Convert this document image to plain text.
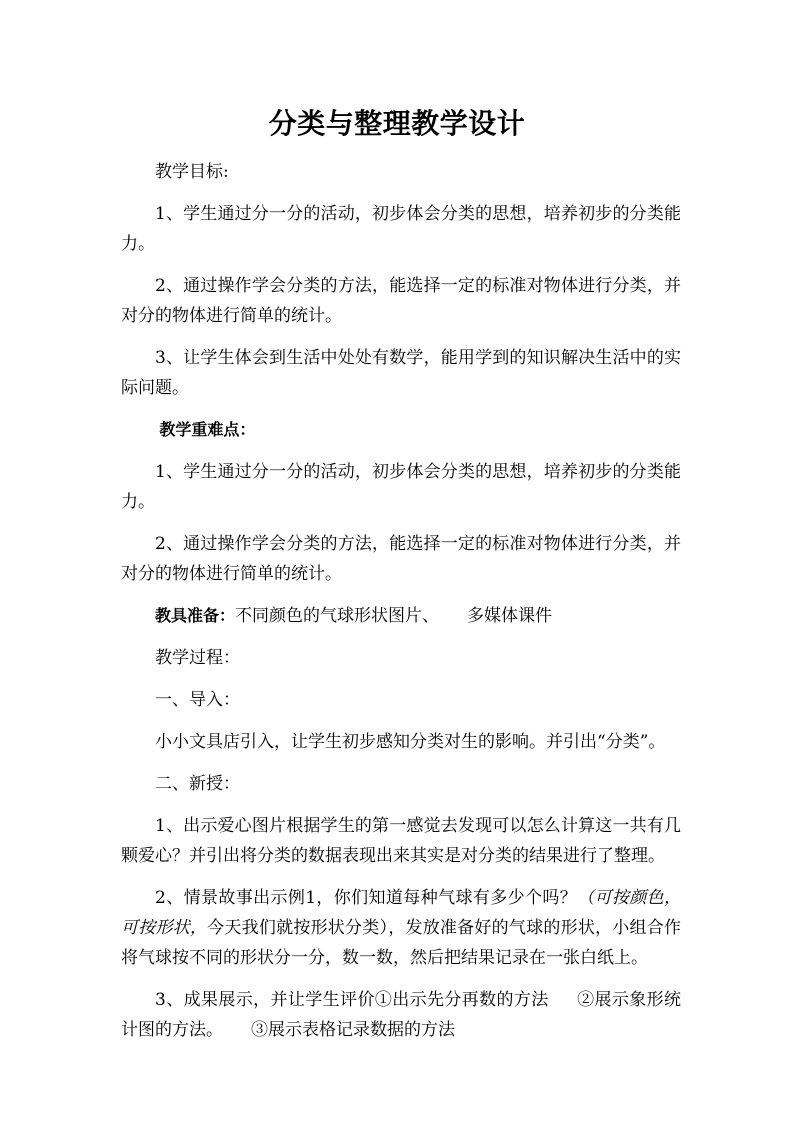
分类与整理教学设计

教学目标:

1、学生通过分一分的活动，初步体会分类的思想，培养初步的分类能力。

2、通过操作学会分类的方法，能选择一定的标准对物体进行分类，并对分的物体进行简单的统计。

3、让学生体会到生活中处处有数学，能用学到的知识解决生活中的实际问题。

教学重难点：

1、学生通过分一分的活动，初步体会分类的思想，培养初步的分类能力。

2、通过操作学会分类的方法，能选择一定的标准对物体进行分类，并对分的物体进行简单的统计。

教具准备：不同颜色的气球形状图片、 多媒体课件

教学过程：

一、导入：

小小文具店引入，让学生初步感知分类对生的影响。并引出“分类”。

二、新授：

1、出示爱心图片根据学生的第一感觉去发现可以怎么计算这一共有几颗爱心？并引出将分类的数据表现出来其实是对分类的结果进行了整理。

2、情景故事出示例1，你们知道每种气球有多少个吗？（可按颜色，可按形状，今天我们就按形状分类），发放准备好的气球的形状，小组合作将气球按不同的形状分一分，数一数，然后把结果记录在一张白纸上。

3、成果展示，并让学生评价①出示先分再数的方法 ②展示象形统计图的方法。 ③展示表格记录数据的方法
